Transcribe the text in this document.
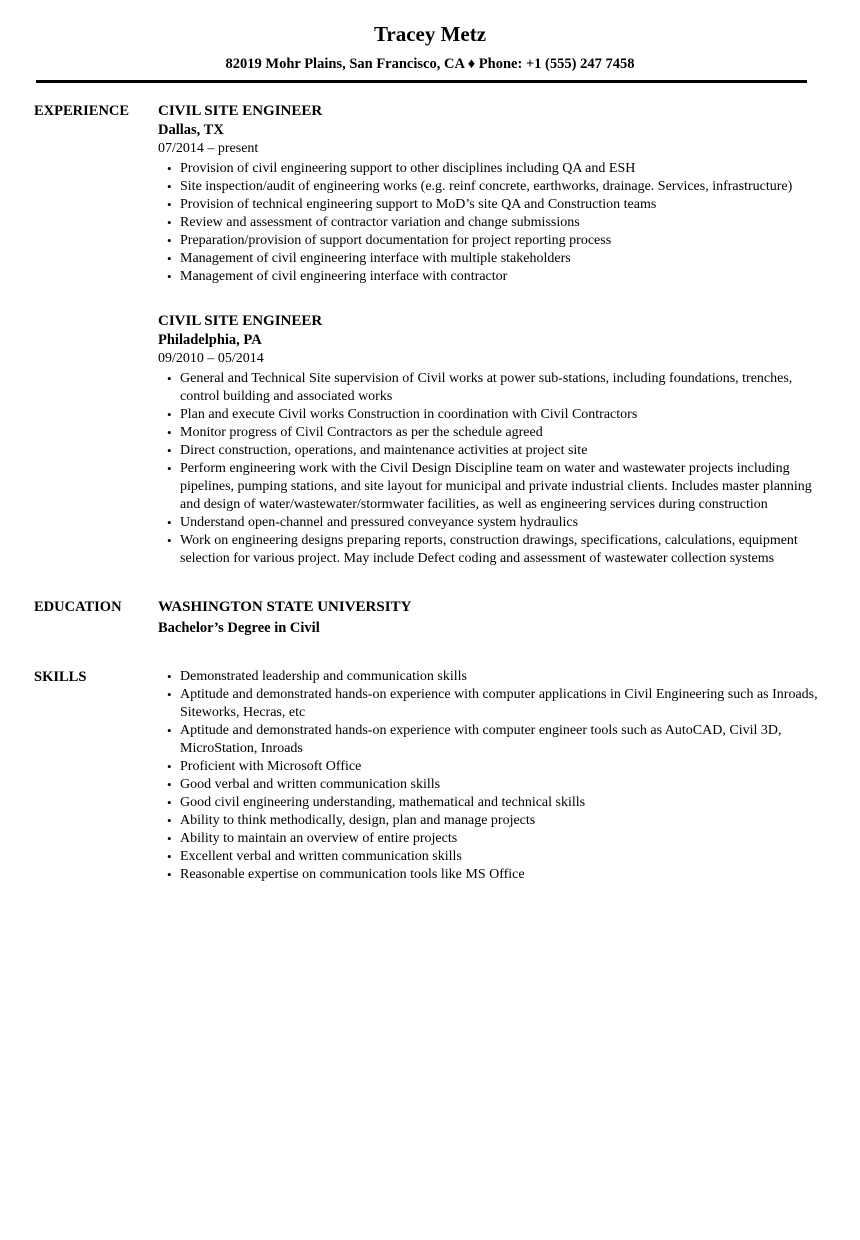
Tracey Metz
82019 Mohr Plains, San Francisco, CA ♦ Phone: +1 (555) 247 7458
EXPERIENCE	CIVIL SITE ENGINEER
Dallas, TX
07/2014 – present
• Provision of civil engineering support to other disciplines including QA and ESH
• Site inspection/audit of engineering works (e.g. reinf concrete, earthworks, drainage. Services, infrastructure)
• Provision of technical engineering support to MoD’s site QA and Construction teams
• Review and assessment of contractor variation and change submissions
• Preparation/provision of support documentation for project reporting process
• Management of civil engineering interface with multiple stakeholders
• Management of civil engineering interface with contractor
CIVIL SITE ENGINEER
Philadelphia, PA
09/2010 – 05/2014
• General and Technical Site supervision of Civil works at power sub-stations, including foundations, trenches, control building and associated works
• Plan and execute Civil works Construction in coordination with Civil Contractors
• Monitor progress of Civil Contractors as per the schedule agreed
• Direct construction, operations, and maintenance activities at project site
• Perform engineering work with the Civil Design Discipline team on water and wastewater projects including pipelines, pumping stations, and site layout for municipal and private industrial clients. Includes master planning and design of water/wastewater/stormwater facilities, as well as engineering services during construction
• Understand open-channel and pressured conveyance system hydraulics
• Work on engineering designs preparing reports, construction drawings, specifications, calculations, equipment selection for various project. May include Defect coding and assessment of wastewater collection systems
EDUCATION	WASHINGTON STATE UNIVERSITY
Bachelor’s Degree in Civil
SKILLS	• Demonstrated leadership and communication skills
• Aptitude and demonstrated hands-on experience with computer applications in Civil Engineering such as Inroads, Siteworks, Hecras, etc
• Aptitude and demonstrated hands-on experience with computer engineer tools such as AutoCAD, Civil 3D, MicroStation, Inroads
• Proficient with Microsoft Office
• Good verbal and written communication skills
• Good civil engineering understanding, mathematical and technical skills
• Ability to think methodically, design, plan and manage projects
• Ability to maintain an overview of entire projects
• Excellent verbal and written communication skills
• Reasonable expertise on communication tools like MS Office
